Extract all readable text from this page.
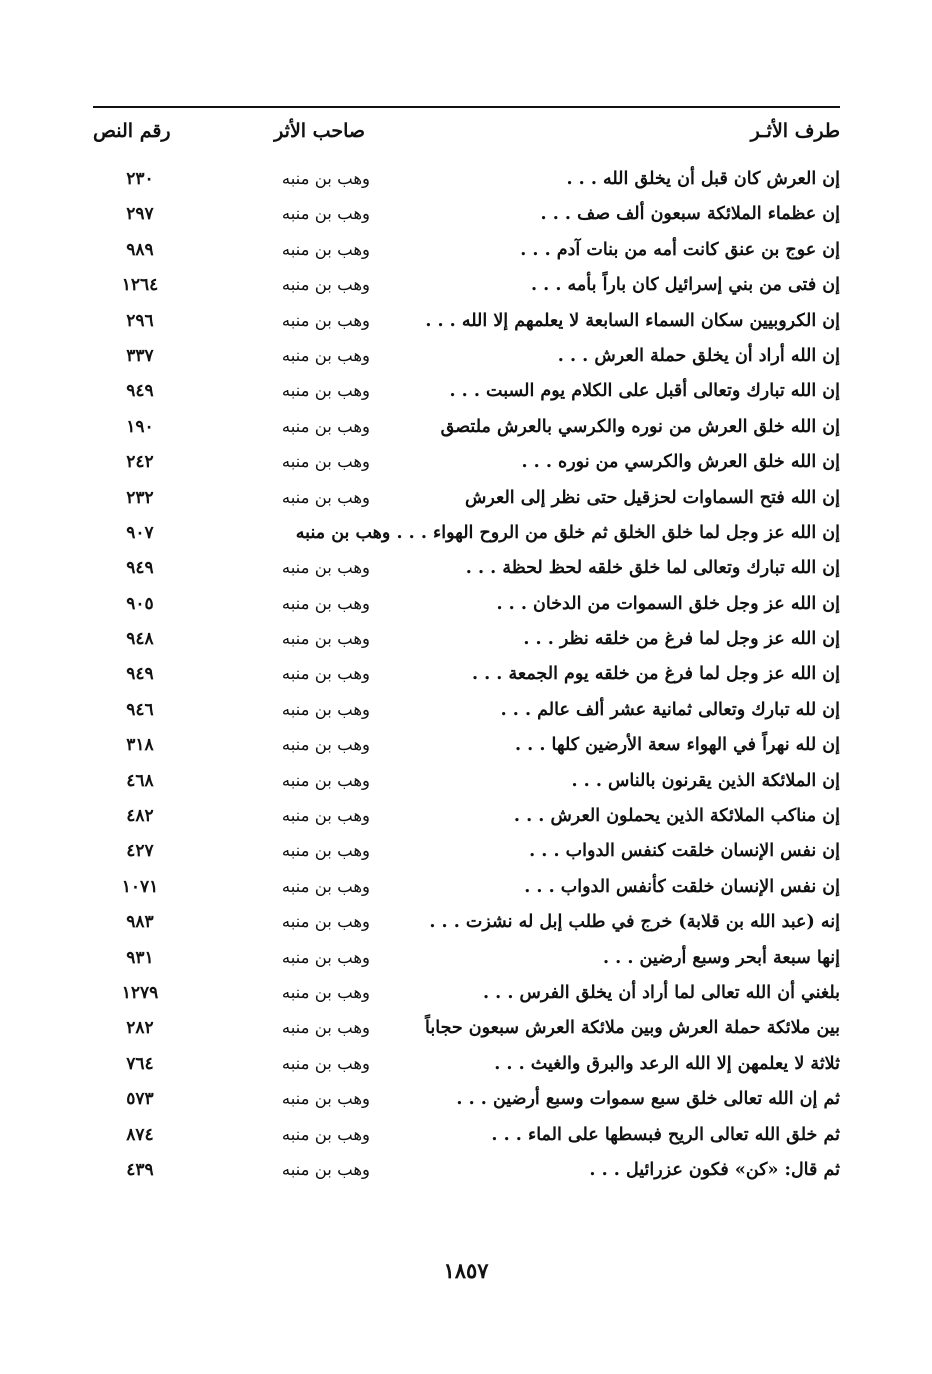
طرف الأثـر
صاحب الأثر
رقم النص
إن العرش كان قبل أن يخلق الله . . .
وهب بن منبه
٢٣٠
إن عظماء الملائكة سبعون ألف صف . . .
وهب بن منبه
٢٩٧
إن عوج بن عنق كانت أمه من بنات آدم . . .
وهب بن منبه
٩٨٩
إن فتى من بني إسرائيل كان باراً بأمه . . .
وهب بن منبه
١٢٦٤
إن الكروبيين سكان السماء السابعة لا يعلمهم إلا الله . . .
وهب بن منبه
٢٩٦
إن الله أراد أن يخلق حملة العرش . . .
وهب بن منبه
٣٣٧
إن الله تبارك وتعالى أقبل على الكلام يوم السبت . . .
وهب بن منبه
٩٤٩
إن الله خلق العرش من نوره والكرسي بالعرش ملتصق
وهب بن منبه
١٩٠
إن الله خلق العرش والكرسي من نوره . . .
وهب بن منبه
٢٤٢
إن الله فتح السماوات لحزقيل حتى نظر إلى العرش
وهب بن منبه
٢٣٢
إن الله عز وجل لما خلق الخلق ثم خلق من الروح الهواء . . . وهب بن منبه
٩٠٧
إن الله تبارك وتعالى لما خلق خلقه لحظ لحظة . . .
وهب بن منبه
٩٤٩
إن الله عز وجل خلق السموات من الدخان . . .
وهب بن منبه
٩٠٥
إن الله عز وجل لما فرغ من خلقه نظر . . .
وهب بن منبه
٩٤٨
إن الله عز وجل لما فرغ من خلقه يوم الجمعة . . .
وهب بن منبه
٩٤٩
إن لله تبارك وتعالى ثمانية عشر ألف عالم . . .
وهب بن منبه
٩٤٦
إن لله نهراً في الهواء سعة الأرضين كلها . . .
وهب بن منبه
٣١٨
إن الملائكة الذين يقرنون بالناس . . .
وهب بن منبه
٤٦٨
إن مناكب الملائكة الذين يحملون العرش . . .
وهب بن منبه
٤٨٢
إن نفس الإنسان خلقت كنفس الدواب . . .
وهب بن منبه
٤٢٧
إن نفس الإنسان خلقت كأنفس الدواب . . .
وهب بن منبه
١٠٧١
إنه (عبد الله بن قلابة) خرج في طلب إبل له نشزت . . .
وهب بن منبه
٩٨٣
إنها سبعة أبحر وسبع أرضين . . .
وهب بن منبه
٩٣١
بلغني أن الله تعالى لما أراد أن يخلق الفرس . . .
وهب بن منبه
١٢٧٩
بين ملائكة حملة العرش وبين ملائكة العرش سبعون حجاباً
وهب بن منبه
٢٨٢
ثلاثة لا يعلمهن إلا الله الرعد والبرق والغيث . . .
وهب بن منبه
٧٦٤
ثم إن الله تعالى خلق سبع سموات وسبع أرضين . . .
وهب بن منبه
٥٧٣
ثم خلق الله تعالى الريح فبسطها على الماء . . .
وهب بن منبه
٨٧٤
ثم قال: «كن» فكون عزرائيل . . .
وهب بن منبه
٤٣٩
١٨٥٧
